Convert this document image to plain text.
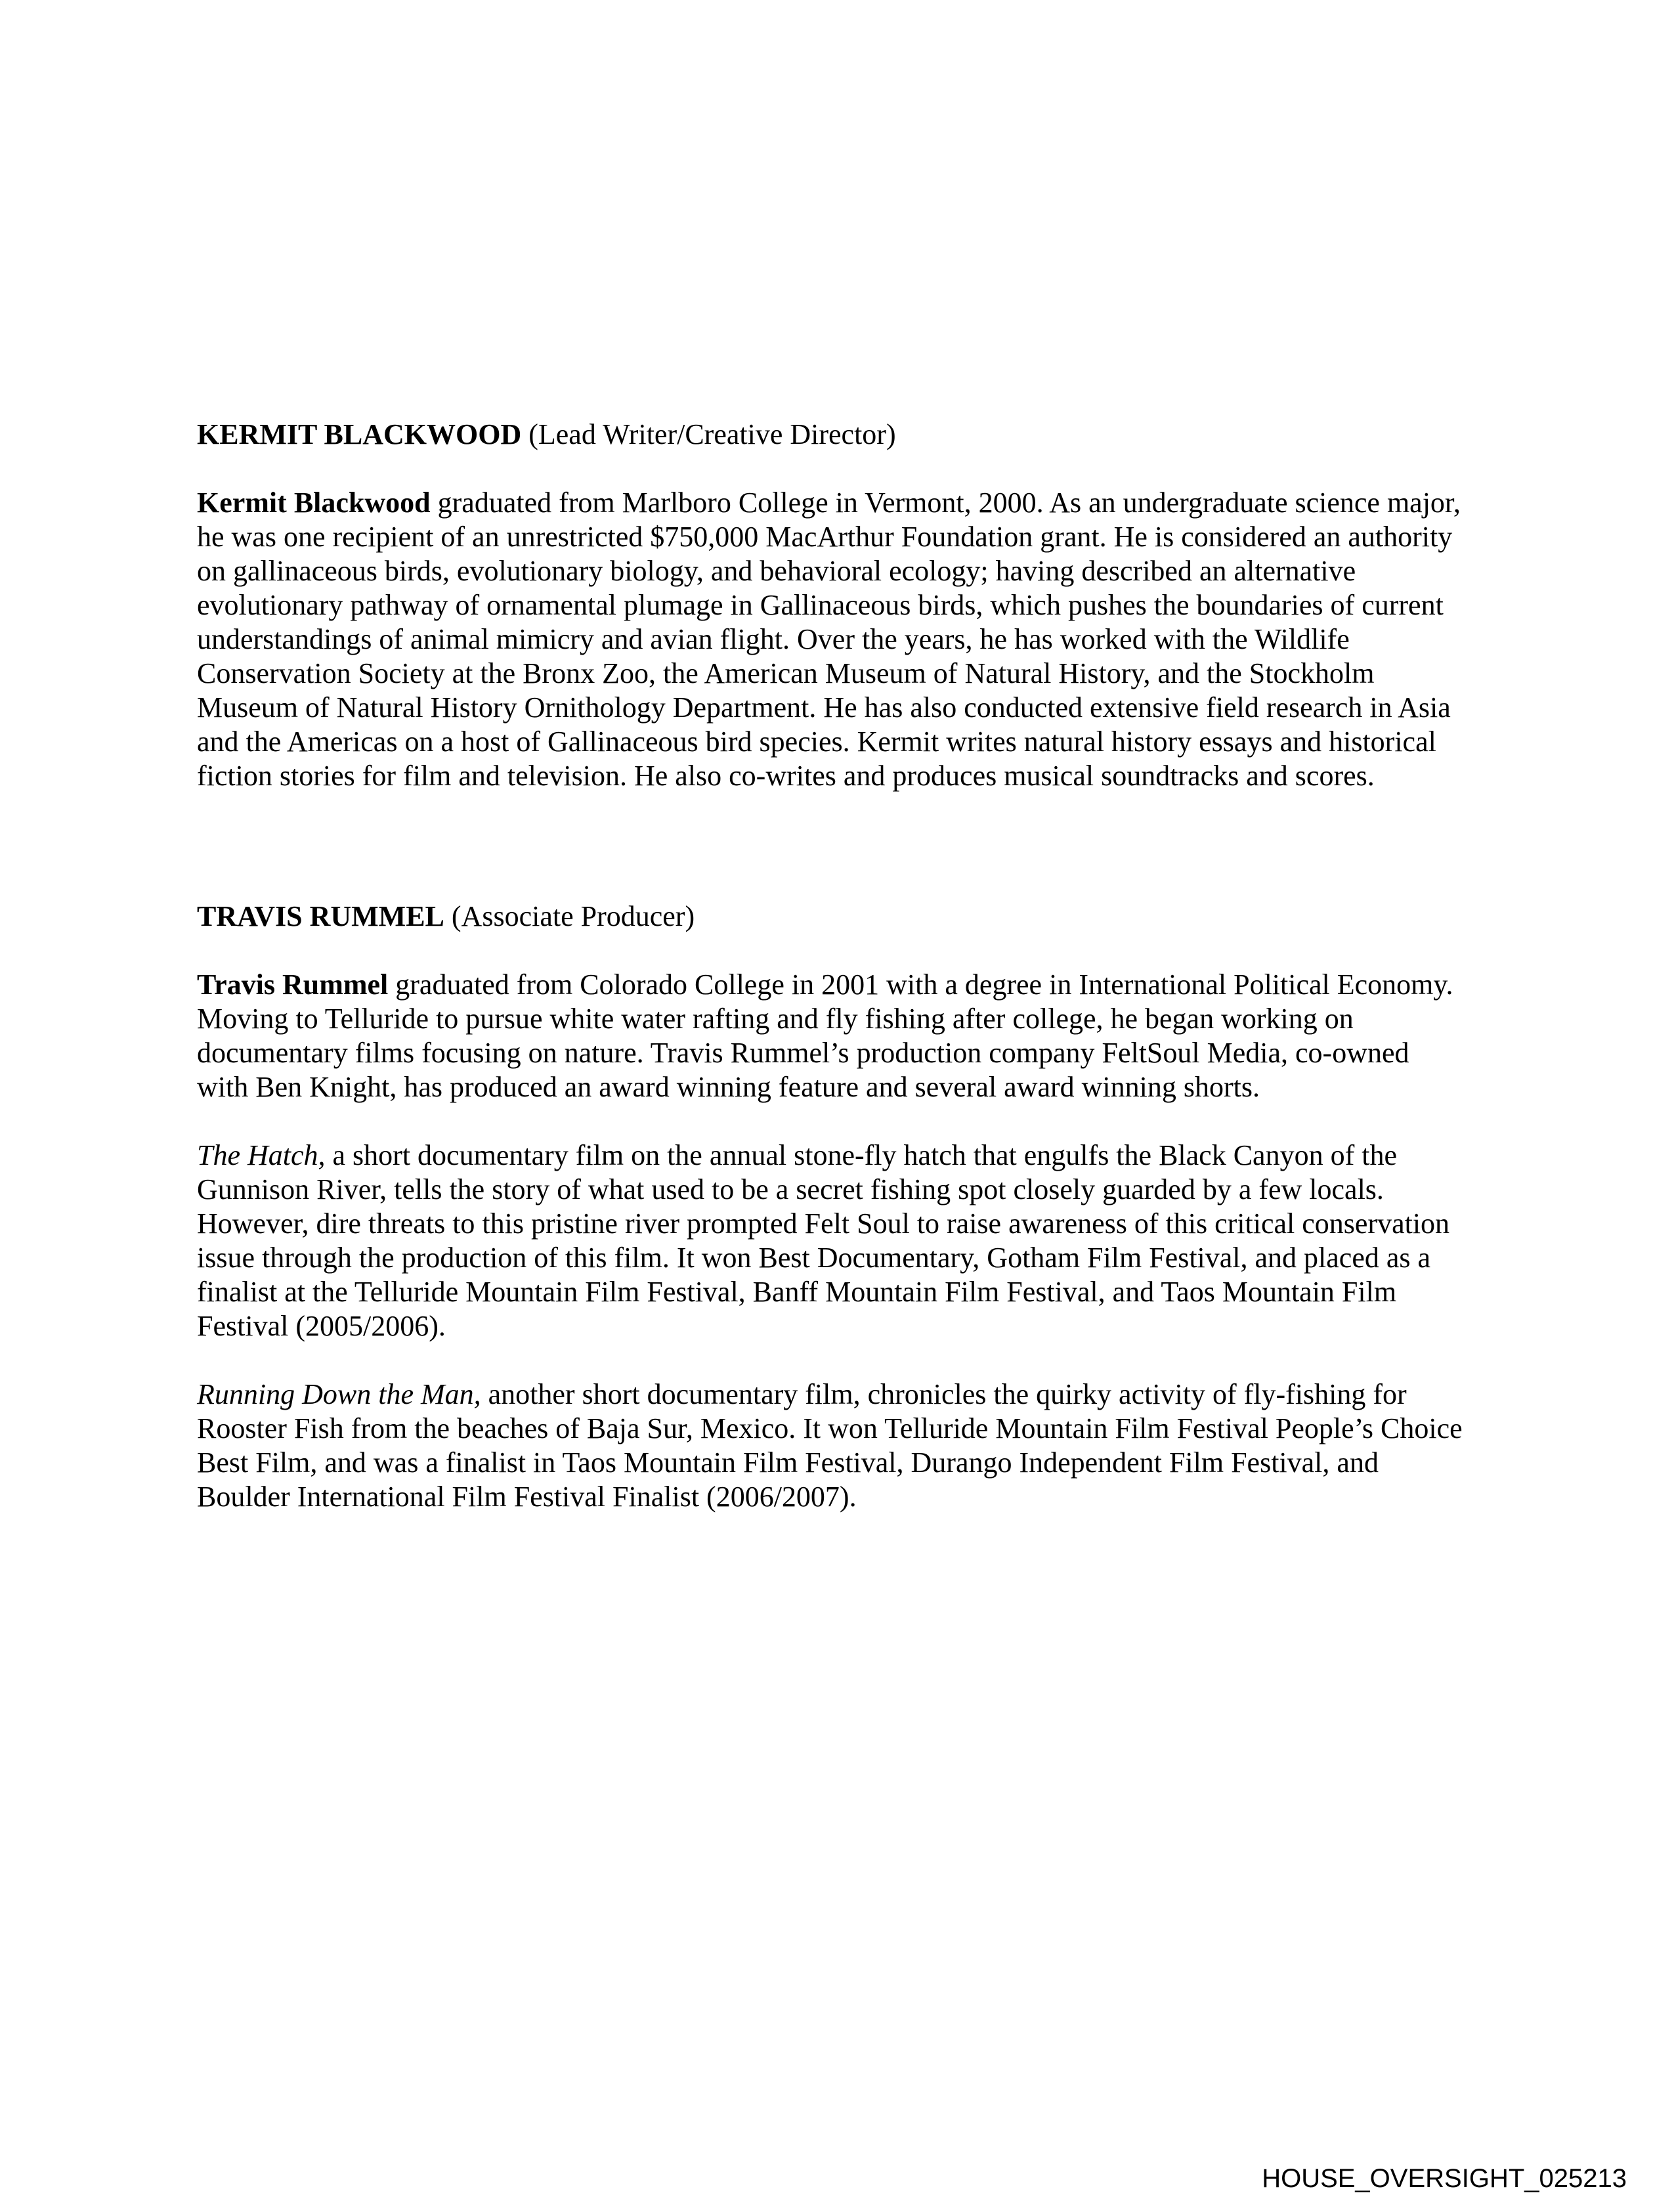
KERMIT BLACKWOOD (Lead Writer/Creative Director)

Kermit Blackwood graduated from Marlboro College in Vermont, 2000. As an undergraduate science major, he was one recipient of an unrestricted $750,000 MacArthur Foundation grant. He is considered an authority on gallinaceous birds, evolutionary biology, and behavioral ecology; having described an alternative evolutionary pathway of ornamental plumage in Gallinaceous birds, which pushes the boundaries of current understandings of animal mimicry and avian flight. Over the years, he has worked with the Wildlife Conservation Society at the Bronx Zoo, the American Museum of Natural History, and the Stockholm Museum of Natural History Ornithology Department. He has also conducted extensive field research in Asia and the Americas on a host of Gallinaceous bird species. Kermit writes natural history essays and historical fiction stories for film and television. He also co-writes and produces musical soundtracks and scores.

TRAVIS RUMMEL (Associate Producer)

Travis Rummel graduated from Colorado College in 2001 with a degree in International Political Economy. Moving to Telluride to pursue white water rafting and fly fishing after college, he began working on documentary films focusing on nature. Travis Rummel’s production company FeltSoul Media, co-owned with Ben Knight, has produced an award winning feature and several award winning shorts.

The Hatch, a short documentary film on the annual stone-fly hatch that engulfs the Black Canyon of the Gunnison River, tells the story of what used to be a secret fishing spot closely guarded by a few locals. However, dire threats to this pristine river prompted Felt Soul to raise awareness of this critical conservation issue through the production of this film. It won Best Documentary, Gotham Film Festival, and placed as a finalist at the Telluride Mountain Film Festival, Banff Mountain Film Festival, and Taos Mountain Film Festival (2005/2006).

Running Down the Man, another short documentary film, chronicles the quirky activity of fly-fishing for Rooster Fish from the beaches of Baja Sur, Mexico. It won Telluride Mountain Film Festival People’s Choice Best Film, and was a finalist in Taos Mountain Film Festival, Durango Independent Film Festival, and Boulder International Film Festival Finalist (2006/2007).

HOUSE_OVERSIGHT_025213
